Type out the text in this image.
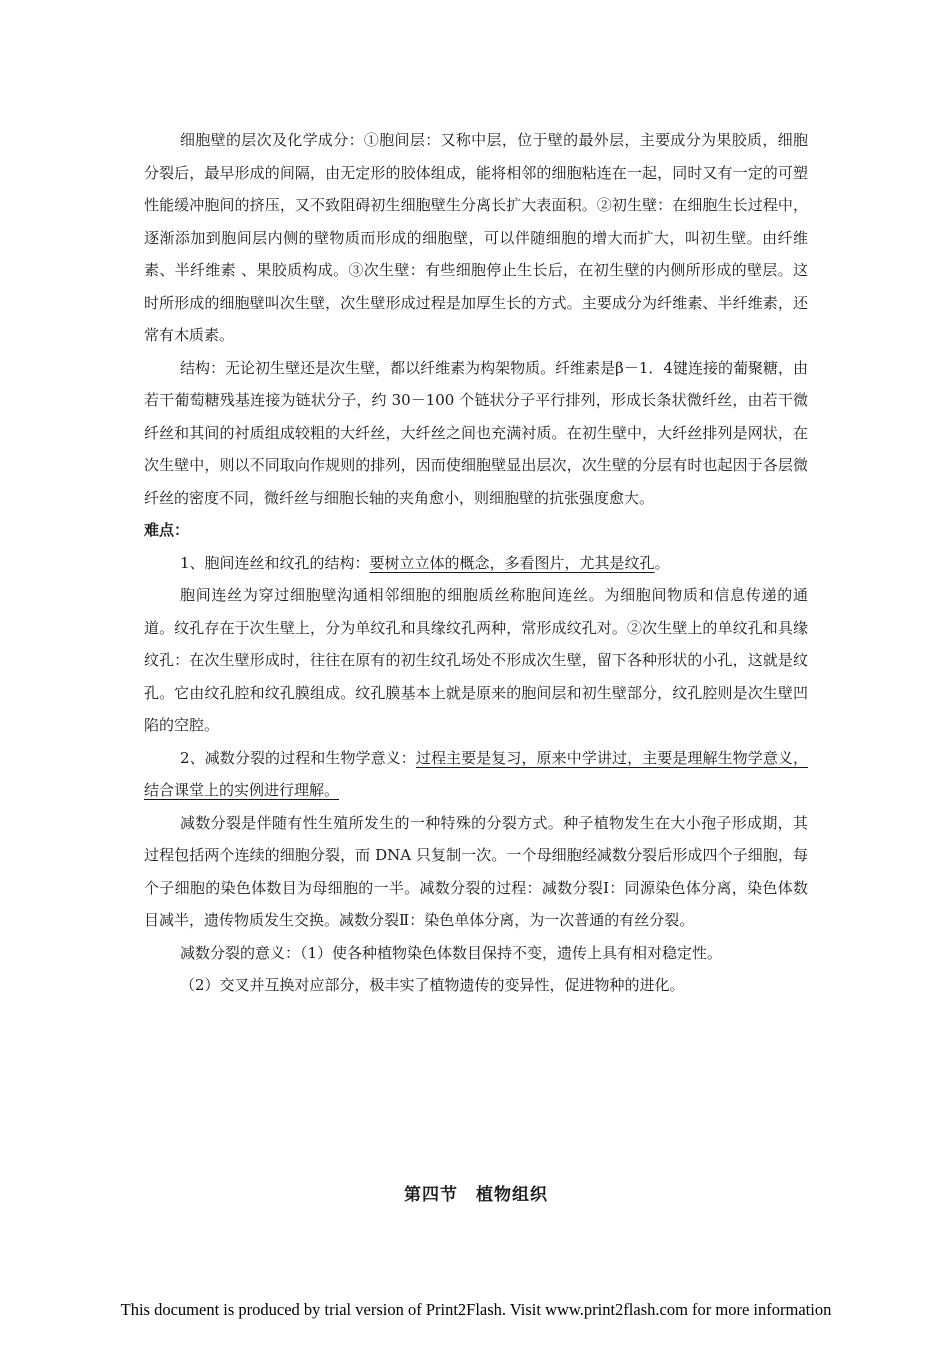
细胞壁的层次及化学成分：①胞间层：又称中层，位于壁的最外层，主要成分为果胶质，细胞分裂后，最早形成的间隔，由无定形的胶体组成，能将相邻的细胞粘连在一起，同时又有一定的可塑性能缓冲胞间的挤压，又不致阻碍初生细胞壁生分离长扩大表面积。②初生壁：在细胞生长过程中，逐渐添加到胞间层内侧的壁物质而形成的细胞壁，可以伴随细胞的增大而扩大，叫初生壁。由纤维素、半纤维素 、果胶质构成。③次生壁：有些细胞停止生长后，在初生壁的内侧所形成的壁层。这时所形成的细胞壁叫次生壁，次生壁形成过程是加厚生长的方式。主要成分为纤维素、半纤维素，还常有木质素。

结构：无论初生壁还是次生壁，都以纤维素为构架物质。纤维素是β－1．4键连接的葡聚糖，由若干葡萄糖残基连接为链状分子，约 30－100 个链状分子平行排列，形成长条状微纤丝，由若干微纤丝和其间的衬质组成较粗的大纤丝，大纤丝之间也充满衬质。在初生壁中，大纤丝排列是网状，在次生壁中，则以不同取向作规则的排列，因而使细胞壁显出层次，次生壁的分层有时也起因于各层微纤丝的密度不同，微纤丝与细胞长轴的夹角愈小，则细胞壁的抗张强度愈大。

难点：

1、胞间连丝和纹孔的结构：要树立立体的概念，多看图片，尤其是纹孔。

胞间连丝为穿过细胞壁沟通相邻细胞的细胞质丝称胞间连丝。为细胞间物质和信息传递的通道。纹孔存在于次生壁上，分为单纹孔和具缘纹孔两种，常形成纹孔对。②次生壁上的单纹孔和具缘纹孔：在次生壁形成时，往往在原有的初生纹孔场处不形成次生壁，留下各种形状的小孔，这就是纹孔。它由纹孔腔和纹孔膜组成。纹孔膜基本上就是原来的胞间层和初生壁部分，纹孔腔则是次生壁凹陷的空腔。

2、减数分裂的过程和生物学意义：过程主要是复习，原来中学讲过，主要是理解生物学意义，结合课堂上的实例进行理解。

减数分裂是伴随有性生殖所发生的一种特殊的分裂方式。种子植物发生在大小孢子形成期，其过程包括两个连续的细胞分裂，而 DNA 只复制一次。一个母细胞经减数分裂后形成四个子细胞，每个子细胞的染色体数目为母细胞的一半。减数分裂的过程：减数分裂Ⅰ：同源染色体分离，染色体数目减半，遗传物质发生交换。减数分裂Ⅱ：染色单体分离，为一次普通的有丝分裂。

减数分裂的意义：（1）使各种植物染色体数目保持不变，遗传上具有相对稳定性。

（2）交叉并互换对应部分，极丰实了植物遗传的变异性，促进物种的进化。

第四节　植物组织
This document is produced by trial version of Print2Flash. Visit www.print2flash.com for more information
